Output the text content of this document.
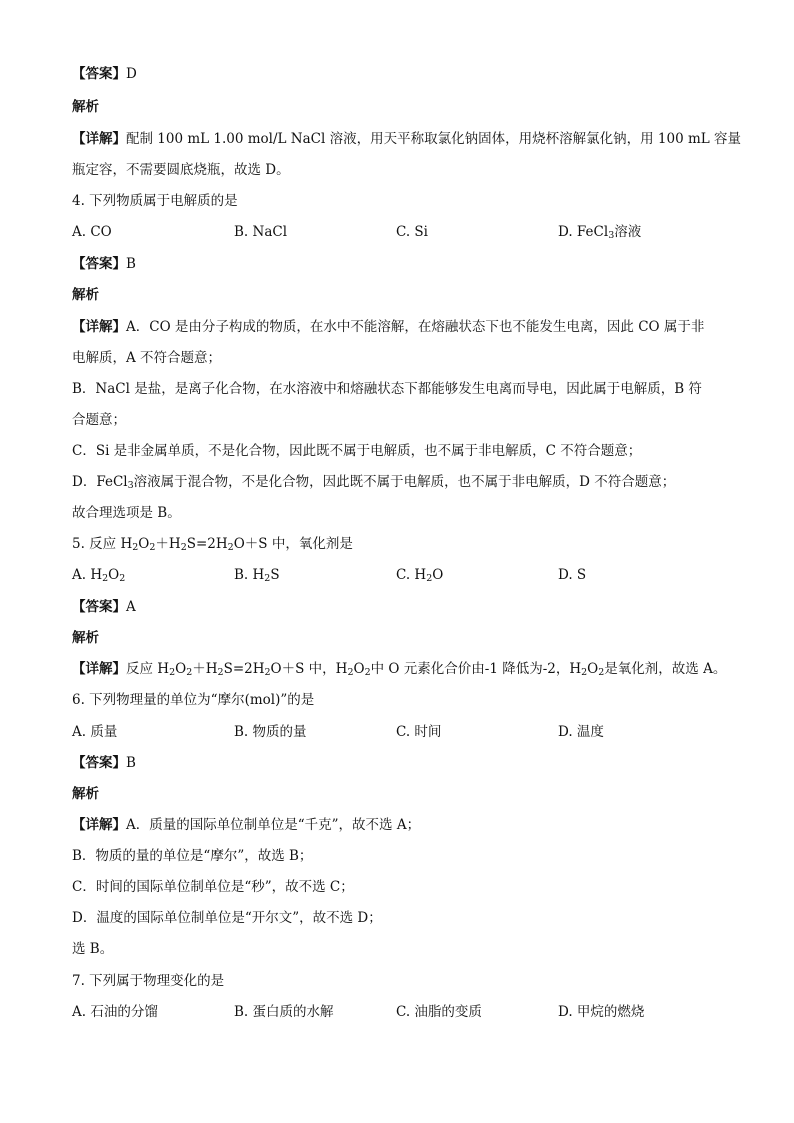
【答案】D
解析
【详解】配制 100 mL 1.00 mol/L NaCl 溶液，用天平称取氯化钠固体，用烧杯溶解氯化钠，用 100 mL 容量
瓶定容，不需要圆底烧瓶，故选 D。
4. 下列物质属于电解质的是
A. CO	B. NaCl	C. Si	D. FeCl$_3$溶液
【答案】B
解析
【详解】A．CO 是由分子构成的物质，在水中不能溶解，在熔融状态下也不能发生电离，因此 CO 属于非
电解质，A 不符合题意；
B．NaCl 是盐，是离子化合物，在水溶液中和熔融状态下都能够发生电离而导电，因此属于电解质，B 符
合题意；
C．Si 是非金属单质，不是化合物，因此既不属于电解质，也不属于非电解质，C 不符合题意；
D．FeCl$_3$溶液属于混合物，不是化合物，因此既不属于电解质，也不属于非电解质，D 不符合题意；
故合理选项是 B。
5. 反应 $H_2O_2+H_2S=2H_2O+S$ 中，氧化剂是
A. $H_2O_2$	B. $H_2S$	C. $H_2O$	D. S
【答案】A
解析
【详解】反应 $H_2O_2+H_2S=2H_2O+S$ 中，$H_2O_2$中 O 元素化合价由-1 降低为-2，$H_2O_2$是氧化剂，故选 A。
6. 下列物理量的单位为“摩尔(mol)”的是
A. 质量	B. 物质的量	C. 时间	D. 温度
【答案】B
解析
【详解】A．质量的国际单位制单位是“千克”，故不选 A；
B．物质的量的单位是“摩尔”，故选 B；
C．时间的国际单位制单位是“秒”，故不选 C；
D．温度的国际单位制单位是“开尔文”，故不选 D；
选 B。
7. 下列属于物理变化的是
A. 石油的分馏	B. 蛋白质的水解	C. 油脂的变质	D. 甲烷的燃烧
